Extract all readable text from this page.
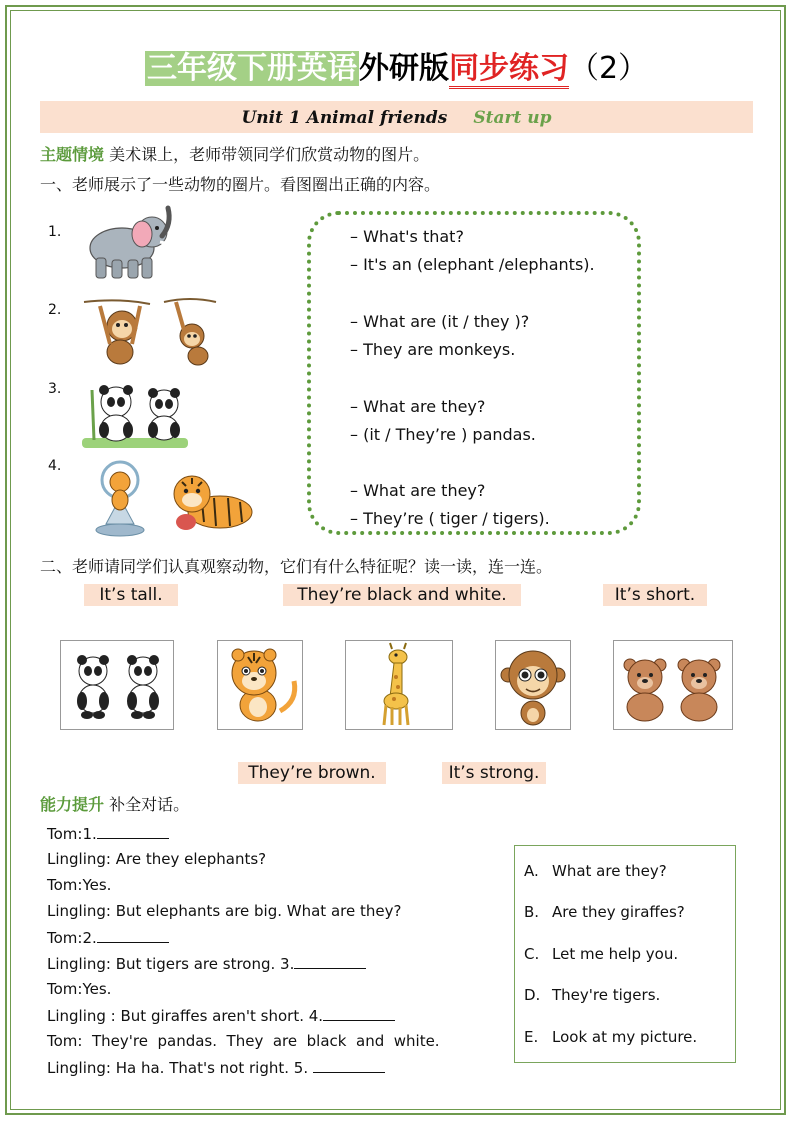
三年级下册英语外研版同步练习（2）
Unit 1 Animal friends Start up
主题情境 美术课上，老师带领同学们欣赏动物的图片。
一、老师展示了一些动物的圈片。看图圈出正确的内容。
1.
2.
3.
4.
– What's that?
– It's an (elephant /elephants).
– What are (it / they )?
– They are monkeys.
– What are they?
– (it / They’re ) pandas.
– What are they?
– They’re ( tiger / tigers).
二、老师请同学们认真观察动物，它们有什么特征呢？读一读，连一连。
It’s tall.	They’re black and white.	It’s short.
They’re brown.	It’s strong.
能力提升 补全对话。
Tom:1.
Lingling: Are they elephants?
Tom:Yes.
Lingling: But elephants are big. What are they?
Tom:2.
Lingling: But tigers are strong. 3.
Tom:Yes.
Lingling : But giraffes aren't short. 4.
Tom:  They're  pandas.  They  are  black  and  white.
Lingling: Ha ha. That's not right. 5.
A. What are they?
B. Are they giraffes?
C. Let me help you.
D. They're tigers.
E. Look at my picture.
